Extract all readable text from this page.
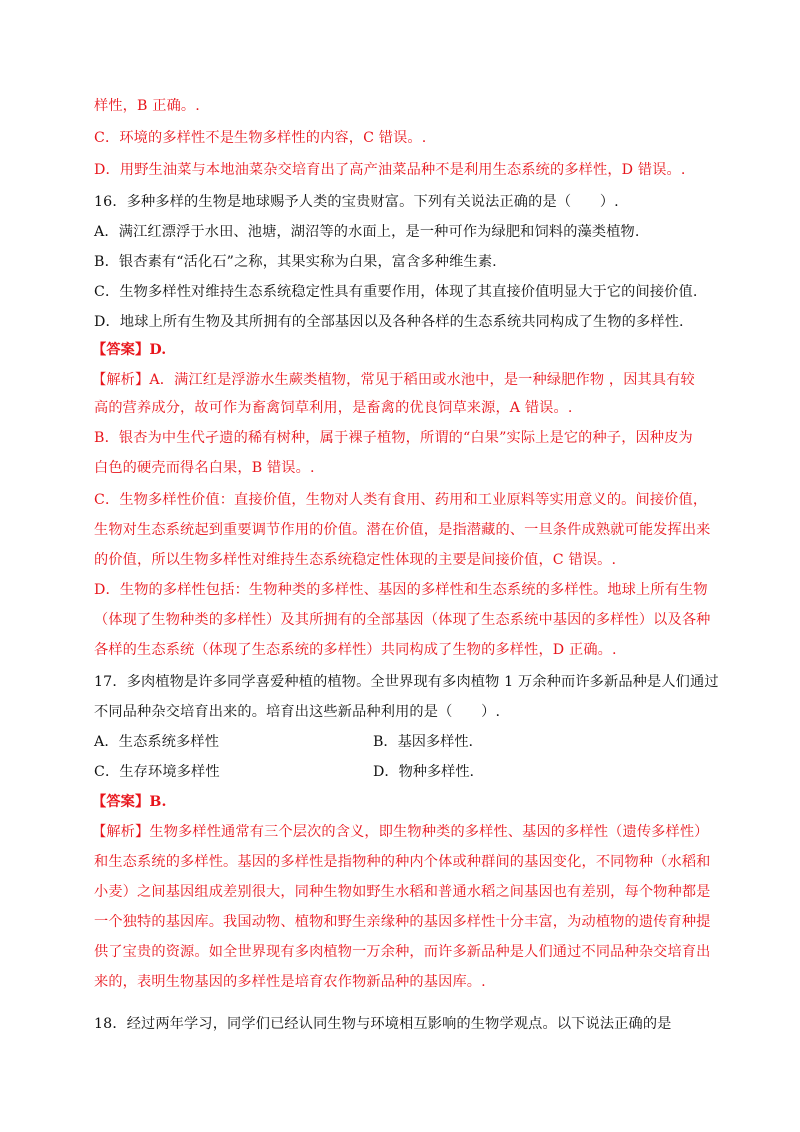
样性，B 正确。.
C．环境的多样性不是生物多样性的内容，C 错误。.
D．用野生油菜与本地油菜杂交培育出了高产油菜品种不是利用生态系统的多样性，D 错误。.
16．多种多样的生物是地球赐予人类的宝贵财富。下列有关说法正确的是（　　）.
A．满江红漂浮于水田、池塘，湖沼等的水面上，是一种可作为绿肥和饲料的藻类植物.
B．银杏素有“活化石”之称，其果实称为白果，富含多种维生素.
C．生物多样性对维持生态系统稳定性具有重要作用，体现了其直接价值明显大于它的间接价值.
D．地球上所有生物及其所拥有的全部基因以及各种各样的生态系统共同构成了生物的多样性.
【答案】D.
【解析】A．满江红是浮游水生蕨类植物，常见于稻田或水池中，是一种绿肥作物 ，因其具有较
高的营养成分，故可作为畜禽饲草利用，是畜禽的优良饲草来源，A 错误。.
B．银杏为中生代孑遗的稀有树种，属于裸子植物，所谓的“白果”实际上是它的种子，因种皮为
白色的硬壳而得名白果，B 错误。.
C．生物多样性价值：直接价值，生物对人类有食用、药用和工业原料等实用意义的。间接价值，
生物对生态系统起到重要调节作用的价值。潜在价值，是指潜藏的、一旦条件成熟就可能发挥出来
的价值，所以生物多样性对维持生态系统稳定性体现的主要是间接价值，C 错误。.
D．生物的多样性包括：生物种类的多样性、基因的多样性和生态系统的多样性。地球上所有生物
（体现了生物种类的多样性）及其所拥有的全部基因（体现了生态系统中基因的多样性）以及各种
各样的生态系统（体现了生态系统的多样性）共同构成了生物的多样性，D 正确。.
17．多肉植物是许多同学喜爱种植的植物。全世界现有多肉植物 1 万余种而许多新品种是人们通过
不同品种杂交培育出来的。培育出这些新品种利用的是（　　）.
A．生态系统多样性	B．基因多样性.
C．生存环境多样性	D．物种多样性.
【答案】B.
【解析】生物多样性通常有三个层次的含义，即生物种类的多样性、基因的多样性（遗传多样性）
和生态系统的多样性。基因的多样性是指物种的种内个体或种群间的基因变化，不同物种（水稻和
小麦）之间基因组成差别很大，同种生物如野生水稻和普通水稻之间基因也有差别，每个物种都是
一个独特的基因库。我国动物、植物和野生亲缘种的基因多样性十分丰富，为动植物的遗传育种提
供了宝贵的资源。如全世界现有多肉植物一万余种，而许多新品种是人们通过不同品种杂交培育出
来的，表明生物基因的多样性是培育农作物新品种的基因库。.
18．经过两年学习，同学们已经认同生物与环境相互影响的生物学观点。以下说法正确的是
